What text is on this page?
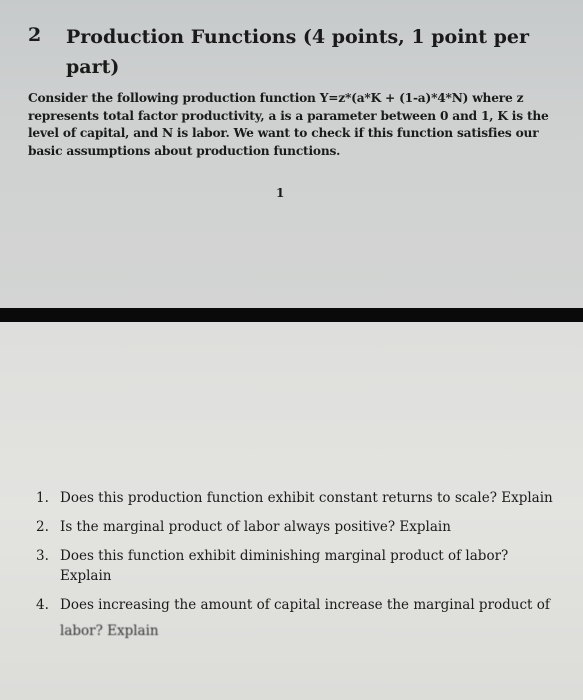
2 Production Functions (4 points, 1 point per part)
Consider the following production function Y=z*(a*K + (1-a)*4*N) where z represents total factor productivity, a is a parameter between 0 and 1, K is the level of capital, and N is labor. We want to check if this function satisfies our basic assumptions about production functions.
1
1. Does this production function exhibit constant returns to scale? Explain
2. Is the marginal product of labor always positive? Explain
3. Does this function exhibit diminishing marginal product of labor? Explain
4. Does increasing the amount of capital increase the marginal product of
